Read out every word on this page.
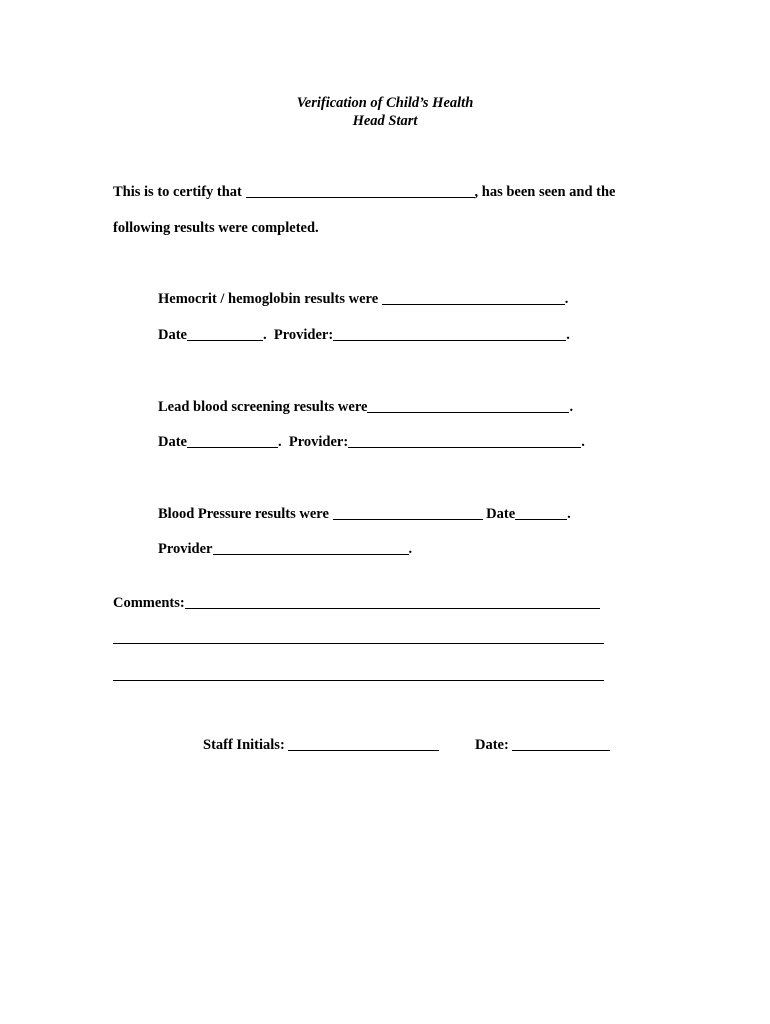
Verification of Child’s Health
Head Start
This is to certify that	, has been seen and the
following results were completed.
Hemocrit / hemoglobin results were	.
Date	.  Provider:	.
Lead blood screening results were	.
Date	.  Provider:	.
Blood Pressure results were	Date	.
Provider	.
Comments:
Staff Initials:	Date:
